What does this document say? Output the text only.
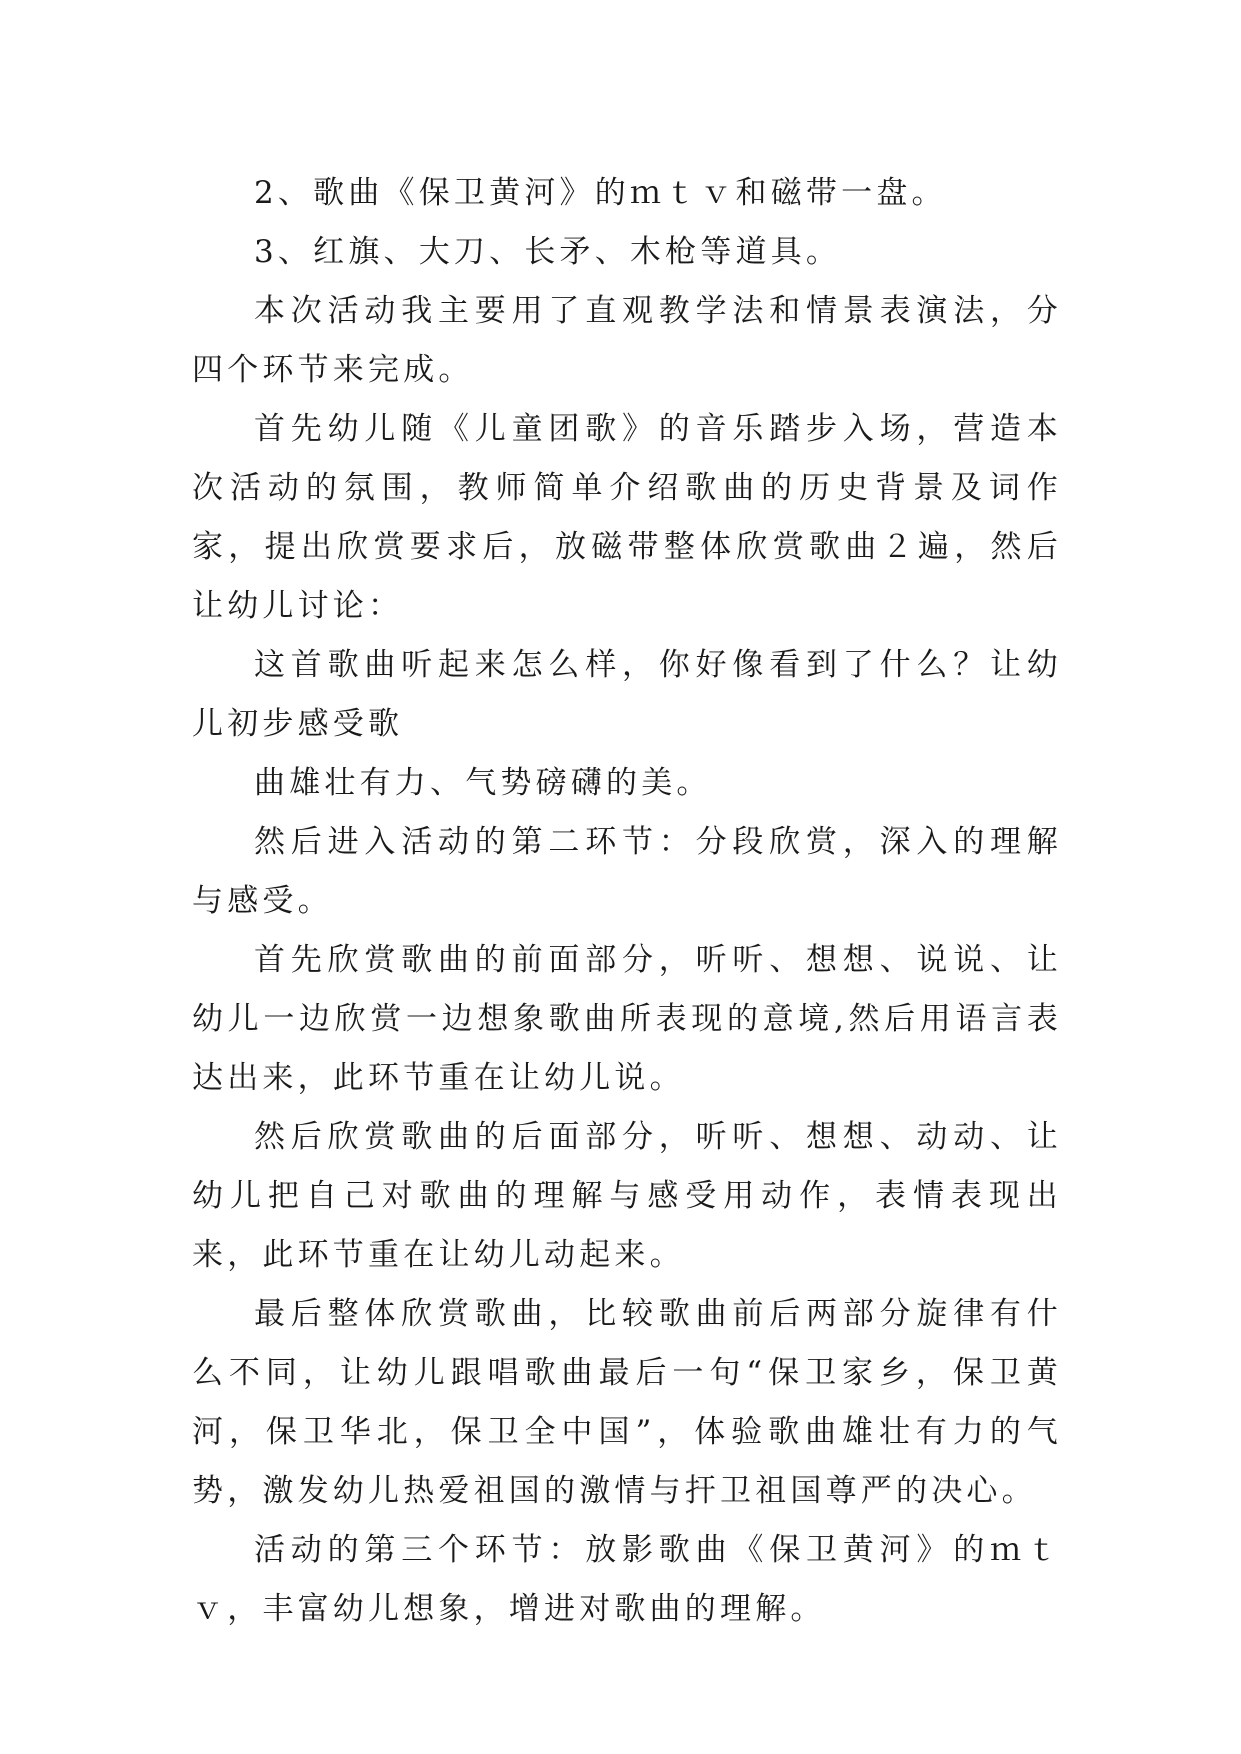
2、歌曲《保卫黄河》的ｍｔｖ和磁带一盘。

3、红旗、大刀、长矛、木枪等道具。

本次活动我主要用了直观教学法和情景表演法，分四个环节来完成。

首先幼儿随《儿童团歌》的音乐踏步入场，营造本次活动的氛围，教师简单介绍歌曲的历史背景及词作家，提出欣赏要求后，放磁带整体欣赏歌曲２遍，然后让幼儿讨论：

这首歌曲听起来怎么样，你好像看到了什么？让幼儿初步感受歌

曲雄壮有力、气势磅礴的美。

然后进入活动的第二环节：分段欣赏，深入的理解与感受。

首先欣赏歌曲的前面部分，听听、想想、说说、让幼儿一边欣赏一边想象歌曲所表现的意境,然后用语言表达出来，此环节重在让幼儿说。

然后欣赏歌曲的后面部分，听听、想想、动动、让幼儿把自己对歌曲的理解与感受用动作，表情表现出来，此环节重在让幼儿动起来。

最后整体欣赏歌曲，比较歌曲前后两部分旋律有什么不同，让幼儿跟唱歌曲最后一句“保卫家乡，保卫黄河，保卫华北，保卫全中国”，体验歌曲雄壮有力的气势，激发幼儿热爱祖国的激情与扞卫祖国尊严的决心。

活动的第三个环节：放影歌曲《保卫黄河》的ｍｔｖ，丰富幼儿想象，增进对歌曲的理解。
